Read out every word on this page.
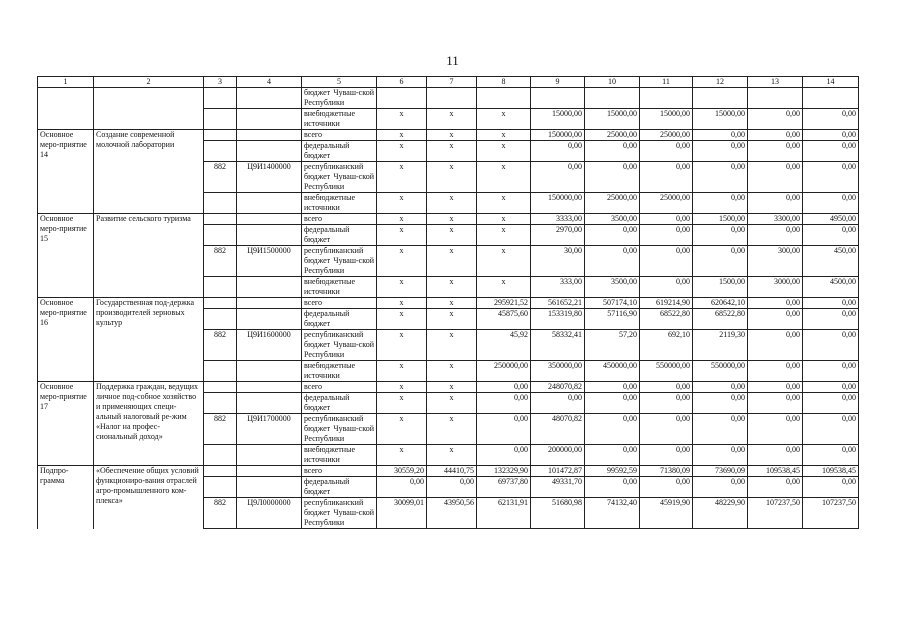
11
1	2	3	4	5	6	7	8	9	10	11	12	13	14
				бюджет Чуваш-ской Республики									
				внебюджетные источники	x	x	x	15000,00	15000,00	15000,00	15000,00	0,00	0,00
Основное меро-приятие 14	Создание современной молочной лаборатории			всего	x	x	x	150000,00	25000,00	25000,00	0,00	0,00	0,00
				федеральный бюджет	x	x	x	0,00	0,00	0,00	0,00	0,00	0,00
		882	Ц9И1400000	республиканский бюджет Чуваш-ской Республики	x	x	x	0,00	0,00	0,00	0,00	0,00	0,00
				внебюджетные источники	x	x	x	150000,00	25000,00	25000,00	0,00	0,00	0,00
Основное меро-приятие 15	Развитие сельского туризма			всего	x	x	x	3333,00	3500,00	0,00	1500,00	3300,00	4950,00
				федеральный бюджет	x	x	x	2970,00	0,00	0,00	0,00	0,00	0,00
		882	Ц9И1500000	республиканский бюджет Чуваш-ской Республики	x	x	x	30,00	0,00	0,00	0,00	300,00	450,00
				внебюджетные источники	x	x	x	333,00	3500,00	0,00	1500,00	3000,00	4500,00
Основное меро-приятие 16	Государственная под-держка производителей зерновых культур			всего	x	x	295921,52	561652,21	507174,10	619214,90	620642,10	0,00	0,00
				федеральный бюджет	x	x	45875,60	153319,80	57116,90	68522,80	68522,80	0,00	0,00
		882	Ц9И1600000	республиканский бюджет Чуваш-ской Республики	x	x	45,92	58332,41	57,20	692,10	2119,30	0,00	0,00
				внебюджетные источники	x	x	250000,00	350000,00	450000,00	550000,00	550000,00	0,00	0,00
Основное меро-приятие 17	Поддержка граждан, ведущих личное под-собное хозяйство и применяющих специ-альный налоговый ре-жим «Налог на профес-сиональный доход»			всего	x	x	0,00	248070,82	0,00	0,00	0,00	0,00	0,00
				федеральный бюджет	x	x	0,00	0,00	0,00	0,00	0,00	0,00	0,00
		882	Ц9И1700000	республиканский бюджет Чуваш-ской Республики	x	x	0,00	48070,82	0,00	0,00	0,00	0,00	0,00
				внебюджетные источники	x	x	0,00	200000,00	0,00	0,00	0,00	0,00	0,00
Подпро-грамма	«Обеспечение общих условий функциониро-вания отраслей агро-промышленного ком-плекса»			всего	30559,20	44410,75	132329,90	101472,87	99592,59	71380,09	73690,09	109538,45	109538,45
				федеральный бюджет	0,00	0,00	69737,80	49331,70	0,00	0,00	0,00	0,00	0,00
		882	Ц9Л0000000	республиканский бюджет Чуваш-ской Республики	30099,01	43950,56	62131,91	51680,98	74132,40	45919,90	48229,90	107237,50	107237,50
